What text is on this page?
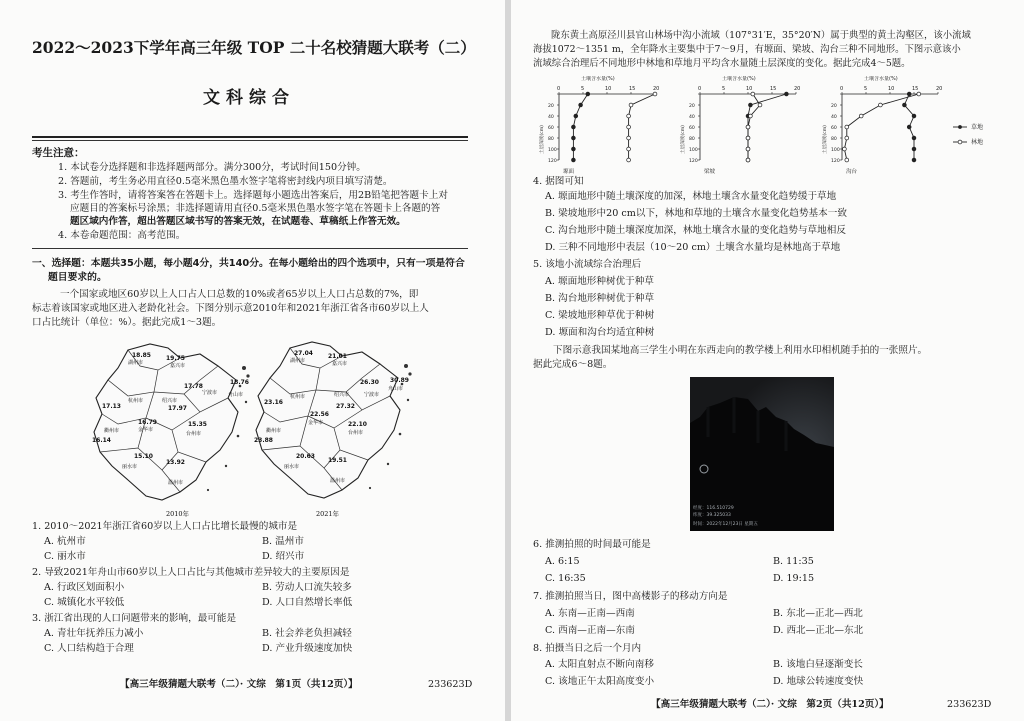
2022～2023下学年高三年级 TOP 二十名校猜题大联考（二）
文科综合
考生注意：
1. 本试卷分选择题和非选择题两部分。满分300分，考试时间150分钟。
2. 答题前，考生务必用直径0.5毫米黑色墨水签字笔将密封线内项目填写清楚。
3. 考生作答时，请将答案答在答题卡上。选择题每小题选出答案后，用2B铅笔把答题卡上对
应题目的答案标号涂黑；非选择题请用直径0.5毫米黑色墨水签字笔在答题卡上各题的答
题区域内作答，超出答题区域书写的答案无效，在试题卷、草稿纸上作答无效。
4. 本卷命题范围：高考范围。
一、选择题：本题共35小题，每小题4分，共140分。在每小题给出的四个选项中，只有一项是符合
题目要求的。
一个国家或地区60岁以上人口占人口总数的10%或者65岁以上人口占总数的7%，即
标志着该国家或地区进入老龄化社会。下图分别示意2010年和2021年浙江省各市60岁以上人
口占比统计（单位：%）。据此完成1～3题。
18.85
湖州市
19.75
嘉兴市
18.76
17.78
宁波市
17.13
杭州市	绍兴市
17.97
16.79
金华市
15.35
台州市
16.14
衢州市
15.10
丽水市
13.92
温州市
舟山市
2010年
27.04
湖州市
21.01
嘉兴市
26.30 30.89
舟山市
23.16
杭州市	绍兴市	宁波市
27.32
22.56
金华市	22.10
台州市
23.88
衢州市
20.63
丽水市
19.51
温州市
2021年
1. 2010～2021年浙江省60岁以上人口占比增长最慢的城市是
A. 杭州市	B. 温州市
C. 丽水市	D. 绍兴市
2. 导致2021年舟山市60岁以上人口占比与其他城市差异较大的主要原因是
A. 行政区划面积小	B. 劳动人口流失较多
C. 城镇化水平较低	D. 人口自然增长率低
3. 浙江省出现的人口问题带来的影响，最可能是
A. 青壮年抚养压力减小	B. 社会养老负担减轻
C. 人口结构趋于合理	D. 产业升级速度加快
【高三年级猜题大联考（二）· 文综　第1页（共12页）】	233623D
陇东黄土高原泾川县官山林场中沟小流域（107°31′E，35°20′N）属于典型的黄土沟壑区，该小流域
海拔1072～1351 m，全年降水主要集中于7～9月，有塬面、梁坡、沟台三种不同地形。下图示意该小
流域综合治理后不同地形中林地和草地月平均含水量随土层深度的变化。据此完成4～5题。
土壤含水量(%)
0	5	10	15	20
20
40
60
80
100
120
土层深度(cm)
塬面
土壤含水量(%)
0	5	10	15	20
20
40
60
80
100
120
土层深度(cm)
梁坡
土壤含水量(%)
0	5	10	15	20
20
40
60
80
100
120
土层深度(cm)
沟台
草地
林地
4. 据图可知
A. 塬面地形中随土壤深度的加深，林地土壤含水量变化趋势缓于草地
B. 梁坡地形中20 cm以下，林地和草地的土壤含水量变化趋势基本一致
C. 沟台地形中随土壤深度加深，林地土壤含水量的变化趋势与草地相反
D. 三种不同地形中表层（10～20 cm）土壤含水量均是林地高于草地
5. 该地小流域综合治理后
A. 塬面地形种树优于种草
B. 沟台地形种树优于种草
C. 梁坡地形种草优于种树
D. 塬面和沟台均适宜种树
下图示意我国某地高三学生小明在东西走向的教学楼上利用水印相机随手拍的一张照片。
据此完成6～8题。
经度：116.510729
纬度：39.325033
时间：2022年12月23日 星期五
6. 推测拍照的时间最可能是
A. 6:15	B. 11:35
C. 16:35	D. 19:15
7. 推测拍照当日，图中高楼影子的移动方向是
A. 东南—正南—西南	B. 东北—正北—西北
C. 西南—正南—东南	D. 西北—正北—东北
8. 拍摄当日之后一个月内
A. 太阳直射点不断向南移	B. 该地白昼逐渐变长
C. 该地正午太阳高度变小	D. 地球公转速度变快
【高三年级猜题大联考（二）· 文综　第2页（共12页）】	233623D
